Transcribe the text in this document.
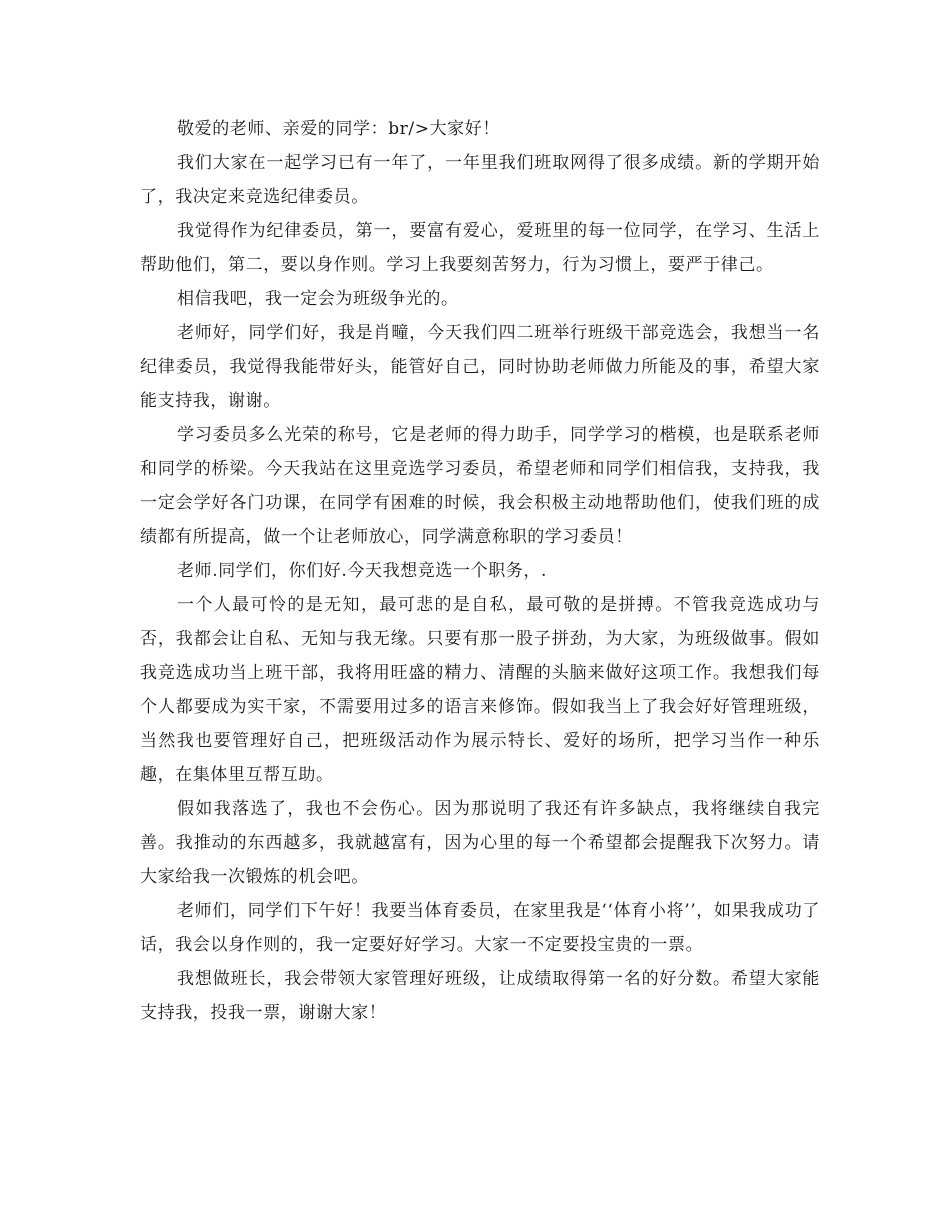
敬爱的老师、亲爱的同学：br/>大家好！

我们大家在一起学习已有一年了，一年里我们班取网得了很多成绩。新的学期开始了，我决定来竞选纪律委员。

我觉得作为纪律委员，第一，要富有爱心，爱班里的每一位同学，在学习、生活上帮助他们，第二，要以身作则。学习上我要刻苦努力，行为习惯上，要严于律己。

相信我吧，我一定会为班级争光的。

老师好，同学们好，我是肖疃，今天我们四二班举行班级干部竞选会，我想当一名纪律委员，我觉得我能带好头，能管好自己，同时协助老师做力所能及的事，希望大家能支持我，谢谢。

学习委员多么光荣的称号，它是老师的得力助手，同学学习的楷模，也是联系老师和同学的桥梁。今天我站在这里竞选学习委员，希望老师和同学们相信我，支持我，我一定会学好各门功课，在同学有困难的时候，我会积极主动地帮助他们，使我们班的成绩都有所提高，做一个让老师放心，同学满意称职的学习委员！

老师.同学们，你们好.今天我想竞选一个职务，.

一个人最可怜的是无知，最可悲的是自私，最可敬的是拼搏。不管我竞选成功与否，我都会让自私、无知与我无缘。只要有那一股子拼劲，为大家，为班级做事。假如我竞选成功当上班干部，我将用旺盛的精力、清醒的头脑来做好这项工作。我想我们每个人都要成为实干家，不需要用过多的语言来修饰。假如我当上了我会好好管理班级，当然我也要管理好自己，把班级活动作为展示特长、爱好的场所，把学习当作一种乐趣，在集体里互帮互助。

假如我落选了，我也不会伤心。因为那说明了我还有许多缺点，我将继续自我完善。我推动的东西越多，我就越富有，因为心里的每一个希望都会提醒我下次努力。请大家给我一次锻炼的机会吧。

老师们，同学们下午好！我要当体育委员，在家里我是‘‘体育小将’’，如果我成功了话，我会以身作则的，我一定要好好学习。大家一不定要投宝贵的一票。

我想做班长，我会带领大家管理好班级，让成绩取得第一名的好分数。希望大家能支持我，投我一票，谢谢大家！
